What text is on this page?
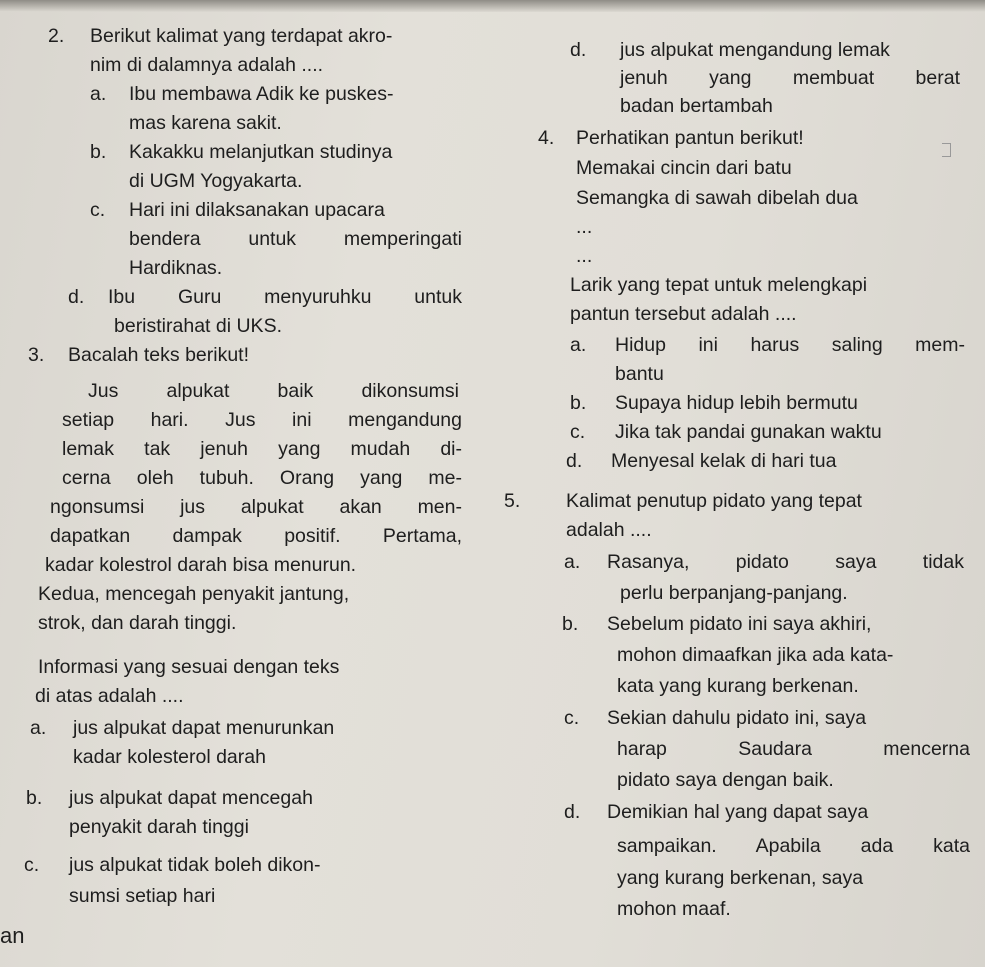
2. Berikut kalimat yang terdapat akro-
nim di dalamnya adalah ....
a. Ibu membawa Adik ke puskes-
mas karena sakit.
b. Kakakku melanjutkan studinya
di UGM Yogyakarta.
c. Hari ini dilaksanakan upacara
bendera untuk memperingati
Hardiknas.
d. Ibu Guru menyuruhku untuk
beristirahat di UKS.
3. Bacalah teks berikut!
Jus alpukat baik dikonsumsi
setiap hari. Jus ini mengandung
lemak tak jenuh yang mudah di-
cerna oleh tubuh. Orang yang me-
ngonsumsi jus alpukat akan men-
dapatkan dampak positif. Pertama,
kadar kolestrol darah bisa menurun.
Kedua, mencegah penyakit jantung,
strok, dan darah tinggi.
Informasi yang sesuai dengan teks
di atas adalah ....
a. jus alpukat dapat menurunkan
kadar kolesterol darah
b. jus alpukat dapat mencegah
penyakit darah tinggi
c. jus alpukat tidak boleh dikon-
sumsi setiap hari
an
d. jus alpukat mengandung lemak
jenuh yang membuat berat
badan bertambah
4. Perhatikan pantun berikut!
Memakai cincin dari batu
Semangka di sawah dibelah dua
...
...
Larik yang tepat untuk melengkapi
pantun tersebut adalah ....
a. Hidup ini harus saling mem-
bantu
b. Supaya hidup lebih bermutu
c. Jika tak pandai gunakan waktu
d. Menyesal kelak di hari tua
5. Kalimat penutup pidato yang tepat
adalah ....
a. Rasanya, pidato saya tidak
perlu berpanjang-panjang.
b. Sebelum pidato ini saya akhiri,
mohon dimaafkan jika ada kata-
kata yang kurang berkenan.
c. Sekian dahulu pidato ini, saya
harap Saudara mencerna
pidato saya dengan baik.
d. Demikian hal yang dapat saya
sampaikan. Apabila ada kata
yang kurang berkenan, saya
mohon maaf.
